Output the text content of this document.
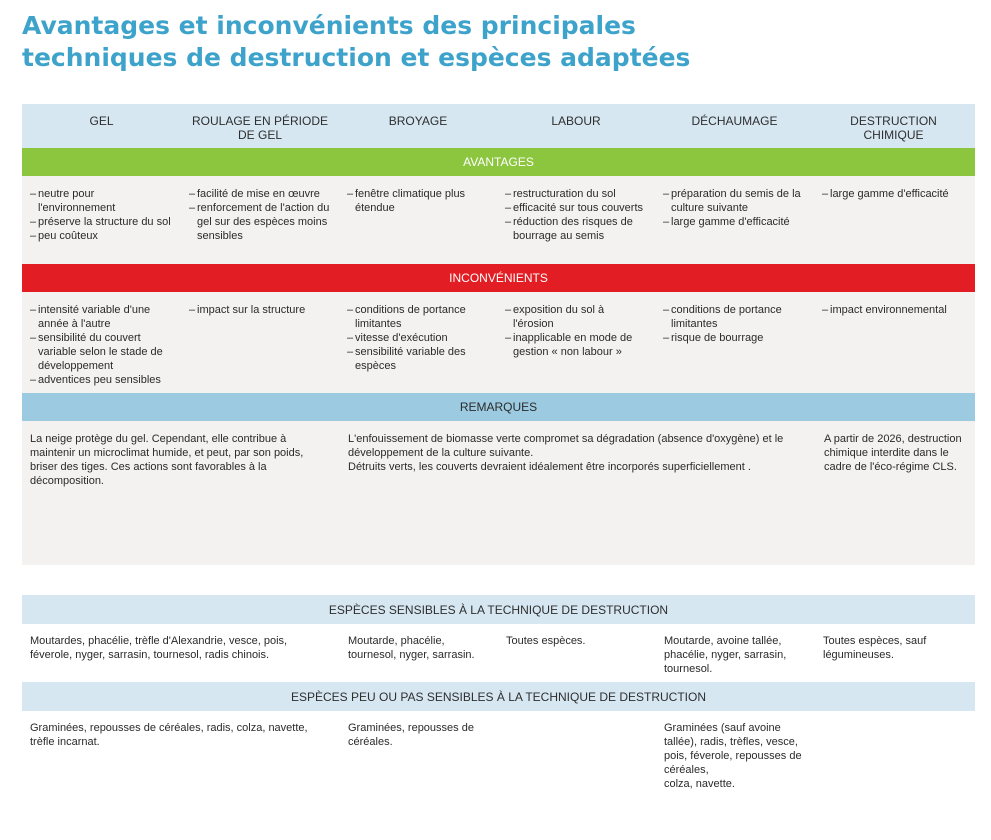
Avantages et inconvénients des principales
techniques de destruction et espèces adaptées
GEL	ROULAGE EN PÉRIODE DE GEL
BROYAGE	LABOUR	DÉCHAUMAGE	DESTRUCTION CHIMIQUE
AVANTAGES
– neutre pour l'environnement
– préserve la structure du sol
– peu coûteux
– facilité de mise en œuvre
– renforcement de l'action du gel sur des espèces moins sensibles
– fenêtre climatique plus étendue
– restructuration du sol
– efficacité sur tous couverts
– réduction des risques de bourrage au semis
– préparation du semis de la culture suivante
– large gamme d'efficacité
– large gamme d'efficacité
INCONVÉNIENTS
– intensité variable d'une année à l'autre
– sensibilité du couvert variable selon le stade de développement
– adventices peu sensibles
– impact sur la structure
–	conditions de portance limitantes
– vitesse d'exécution
– sensibilité variable des espèces
– exposition du sol à l'érosion
– inapplicable en mode de gestion « non labour »
– conditions de portance limitantes
– risque de bourrage
– impact environnemental
REMARQUES
La neige protège du gel. Cependant, elle contribue à maintenir un microclimat humide, et peut, par son poids, briser des tiges. Ces actions sont favorables à la décomposition.
L'enfouissement de biomasse verte compromet sa dégradation (absence d'oxygène) et le développement de la culture suivante.
Détruits verts, les couverts devraient idéalement être incorporés superficiellement .
A partir de 2026, destruction chimique interdite dans le cadre de l'éco-régime CLS.
ESPÈCES SENSIBLES À LA TECHNIQUE DE DESTRUCTION
Moutardes, phacélie, trèfle d'Alexandrie, vesce, pois, féverole, nyger, sarrasin, tournesol, radis chinois.
Moutarde, phacélie, tournesol, nyger, sarrasin.
Toutes espèces.	Moutarde, avoine tallée, phacélie, nyger, sarrasin, tournesol.
Toutes espèces, sauf légumineuses.
ESPÈCES PEU OU PAS SENSIBLES À LA TECHNIQUE DE DESTRUCTION
Graminées, repousses de céréales, radis, colza, navette, trèfle incarnat.
Graminées, repousses de céréales.
Graminées (sauf avoine tallée), radis, trèfles, vesce, pois, féverole, repousses de céréales,
colza, navette.
